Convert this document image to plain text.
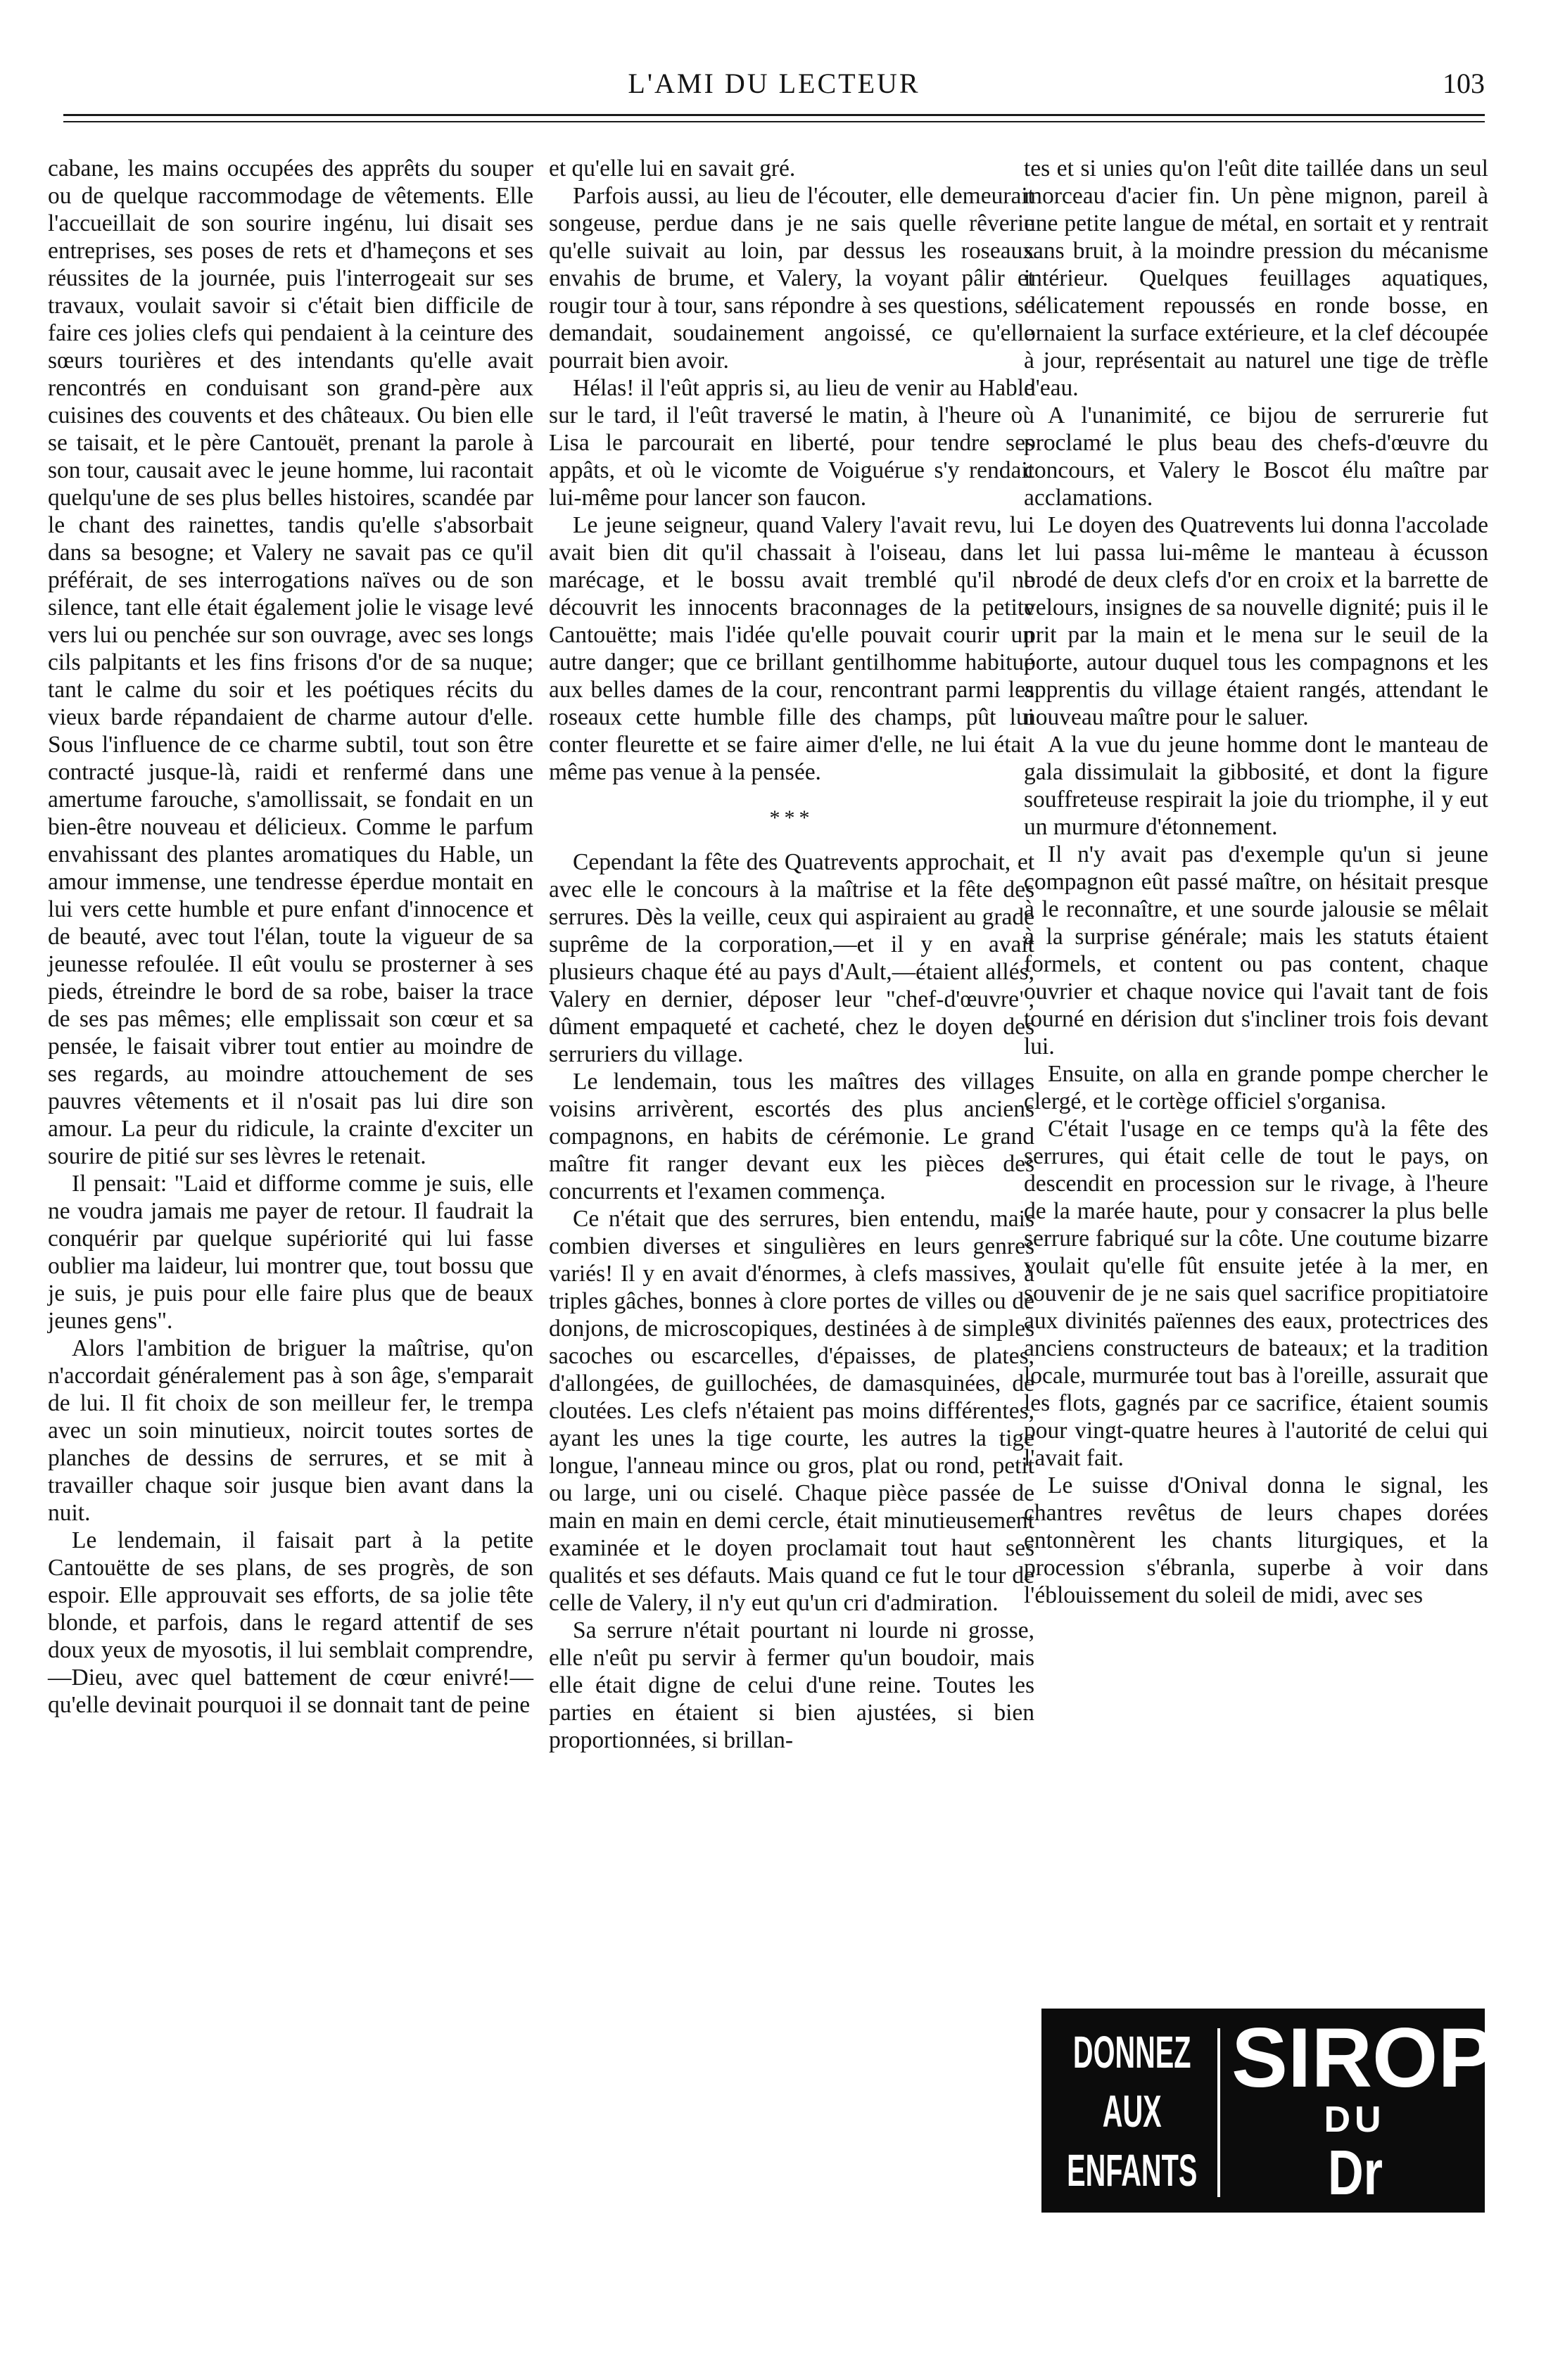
L'AMI DU LECTEUR	103

cabane, les mains occupées des apprêts du souper ou de quelque raccommodage de vêtements. Elle l'accueillait de son sourire ingénu, lui disait ses entreprises, ses poses de rets et d'hameçons et ses réussites de la journée, puis l'interrogeait sur ses travaux, voulait savoir si c'était bien difficile de faire ces jolies clefs qui pendaient à la ceinture des sœurs tourières et des intendants qu'elle avait rencontrés en conduisant son grand-père aux cuisines des couvents et des châteaux. Ou bien elle se taisait, et le père Cantouët, prenant la parole à son tour, causait avec le jeune homme, lui racontait quelqu'une de ses plus belles histoires, scandée par le chant des rainettes, tandis qu'elle s'absorbait dans sa besogne; et Valery ne savait pas ce qu'il préférait, de ses interrogations naïves ou de son silence, tant elle était également jolie le visage levé vers lui ou penchée sur son ouvrage, avec ses longs cils palpitants et les fins frisons d'or de sa nuque; tant le calme du soir et les poétiques récits du vieux barde répandaient de charme autour d'elle. Sous l'influence de ce charme subtil, tout son être contracté jusque-là, raidi et renfermé dans une amertume farouche, s'amollissait, se fondait en un bien-être nouveau et délicieux. Comme le parfum envahissant des plantes aromatiques du Hable, un amour immense, une tendresse éperdue montait en lui vers cette humble et pure enfant d'innocence et de beauté, avec tout l'élan, toute la vigueur de sa jeunesse refoulée. Il eût voulu se prosterner à ses pieds, étreindre le bord de sa robe, baiser la trace de ses pas mêmes; elle emplissait son cœur et sa pensée, le faisait vibrer tout entier au moindre de ses regards, au moindre attouchement de ses pauvres vêtements et il n'osait pas lui dire son amour. La peur du ridicule, la crainte d'exciter un sourire de pitié sur ses lèvres le retenait.

Il pensait: "Laid et difforme comme je suis, elle ne voudra jamais me payer de retour. Il faudrait la conquérir par quelque supériorité qui lui fasse oublier ma laideur, lui montrer que, tout bossu que je suis, je puis pour elle faire plus que de beaux jeunes gens".

Alors l'ambition de briguer la maîtrise, qu'on n'accordait généralement pas à son âge, s'emparait de lui. Il fit choix de son meilleur fer, le trempa avec un soin minutieux, noircit toutes sortes de planches de dessins de serrures, et se mit à travailler chaque soir jusque bien avant dans la nuit.

Le lendemain, il faisait part à la petite Cantouëtte de ses plans, de ses progrès, de son espoir. Elle approuvait ses efforts, de sa jolie tête blonde, et parfois, dans le regard attentif de ses doux yeux de myosotis, il lui semblait comprendre,—Dieu, avec quel battement de cœur enivré!—qu'elle devinait pourquoi il se donnait tant de peine

et qu'elle lui en savait gré.

Parfois aussi, au lieu de l'écouter, elle demeurait songeuse, perdue dans je ne sais quelle rêverie qu'elle suivait au loin, par dessus les roseaux envahis de brume, et Valery, la voyant pâlir et rougir tour à tour, sans répondre à ses questions, se demandait, soudainement angoissé, ce qu'elle pourrait bien avoir.

Hélas! il l'eût appris si, au lieu de venir au Hable sur le tard, il l'eût traversé le matin, à l'heure où Lisa le parcourait en liberté, pour tendre ses appâts, et où le vicomte de Voiguérue s'y rendait lui-même pour lancer son faucon.

Le jeune seigneur, quand Valery l'avait revu, lui avait bien dit qu'il chassait à l'oiseau, dans le marécage, et le bossu avait tremblé qu'il ne découvrit les innocents braconnages de la petite Cantouëtte; mais l'idée qu'elle pouvait courir un autre danger; que ce brillant gentilhomme habitué aux belles dames de la cour, rencontrant parmi les roseaux cette humble fille des champs, pût lui conter fleurette et se faire aimer d'elle, ne lui était même pas venue à la pensée.

***

Cependant la fête des Quatrevents approchait, et avec elle le concours à la maîtrise et la fête des serrures. Dès la veille, ceux qui aspiraient au grade suprême de la corporation,—et il y en avait plusieurs chaque été au pays d'Ault,—étaient allés, Valery en dernier, déposer leur "chef-d'œuvre", dûment empaqueté et cacheté, chez le doyen des serruriers du village.

Le lendemain, tous les maîtres des villages voisins arrivèrent, escortés des plus anciens compagnons, en habits de cérémonie. Le grand maître fit ranger devant eux les pièces des concurrents et l'examen commença.

Ce n'était que des serrures, bien entendu, mais combien diverses et singulières en leurs genres variés! Il y en avait d'énormes, à clefs massives, à triples gâches, bonnes à clore portes de villes ou de donjons, de microscopiques, destinées à de simples sacoches ou escarcelles, d'épaisses, de plates, d'allongées, de guillochées, de damasquinées, de cloutées. Les clefs n'étaient pas moins différentes, ayant les unes la tige courte, les autres la tige longue, l'anneau mince ou gros, plat ou rond, petit ou large, uni ou ciselé. Chaque pièce passée de main en main en demi cercle, était minutieusement examinée et le doyen proclamait tout haut ses qualités et ses défauts. Mais quand ce fut le tour de celle de Valery, il n'y eut qu'un cri d'admiration.

Sa serrure n'était pourtant ni lourde ni grosse, elle n'eût pu servir à fermer qu'un boudoir, mais elle était digne de celui d'une reine. Toutes les parties en étaient si bien ajustées, si bien proportionnées, si brillan-

tes et si unies qu'on l'eût dite taillée dans un seul morceau d'acier fin. Un pène mignon, pareil à une petite langue de métal, en sortait et y rentrait sans bruit, à la moindre pression du mécanisme intérieur. Quelques feuillages aquatiques, délicatement repoussés en ronde bosse, en ornaient la surface extérieure, et la clef découpée à jour, représentait au naturel une tige de trèfle d'eau.

A l'unanimité, ce bijou de serrurerie fut proclamé le plus beau des chefs-d'œuvre du concours, et Valery le Boscot élu maître par acclamations.

Le doyen des Quatrevents lui donna l'accolade et lui passa lui-même le manteau à écusson brodé de deux clefs d'or en croix et la barrette de velours, insignes de sa nouvelle dignité; puis il le prit par la main et le mena sur le seuil de la porte, autour duquel tous les compagnons et les apprentis du village étaient rangés, attendant le nouveau maître pour le saluer.

A la vue du jeune homme dont le manteau de gala dissimulait la gibbosité, et dont la figure souffreteuse respirait la joie du triomphe, il y eut un murmure d'étonnement.

Il n'y avait pas d'exemple qu'un si jeune compagnon eût passé maître, on hésitait presque à le reconnaître, et une sourde jalousie se mêlait à la surprise générale; mais les statuts étaient formels, et content ou pas content, chaque ouvrier et chaque novice qui l'avait tant de fois tourné en dérision dut s'incliner trois fois devant lui.

Ensuite, on alla en grande pompe chercher le clergé, et le cortège officiel s'organisa.

C'était l'usage en ce temps qu'à la fête des serrures, qui était celle de tout le pays, on descendit en procession sur le rivage, à l'heure de la marée haute, pour y consacrer la plus belle serrure fabriqué sur la côte. Une coutume bizarre voulait qu'elle fût ensuite jetée à la mer, en souvenir de je ne sais quel sacrifice propitiatoire aux divinités païennes des eaux, protectrices des anciens constructeurs de bateaux; et la tradition locale, murmurée tout bas à l'oreille, assurait que les flots, gagnés par ce sacrifice, étaient soumis pour vingt-quatre heures à l'autorité de celui qui l'avait fait.

Le suisse d'Onival donna le signal, les chantres revêtus de leurs chapes dorées entonnèrent les chants liturgiques, et la procession s'ébranla, superbe à voir dans l'éblouissement du soleil de midi, avec ses

DONNEZ
AUX
ENFANTS
SIROP
DU
Dr GODERRE
